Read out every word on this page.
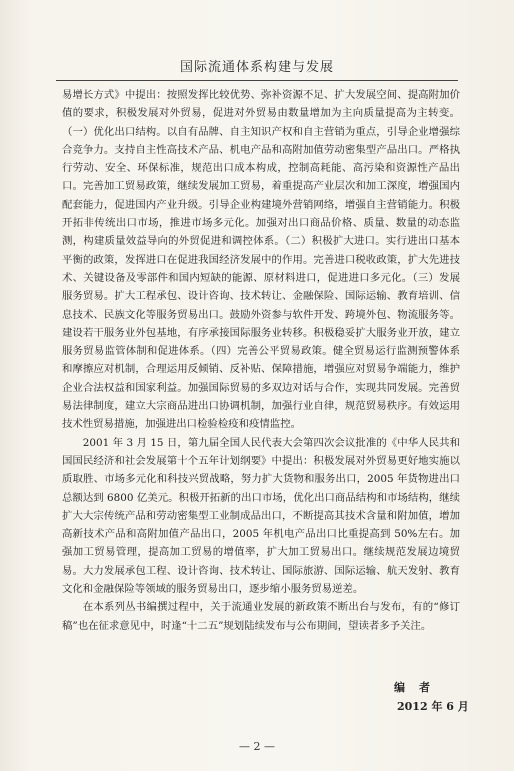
国际流通体系构建与发展

易增长方式》中提出：按照发挥比较优势、弥补资源不足、扩大发展空间、提高附加价值的要求，积极发展对外贸易，促进对外贸易由数量增加为主向质量提高为主转变。（一）优化出口结构。以自有品牌、自主知识产权和自主营销为重点，引导企业增强综合竞争力。支持自主性高技术产品、机电产品和高附加值劳动密集型产品出口。严格执行劳动、安全、环保标准，规范出口成本构成，控制高耗能、高污染和资源性产品出口。完善加工贸易政策，继续发展加工贸易，着重提高产业层次和加工深度，增强国内配套能力，促进国内产业升级。引导企业构建境外营销网络，增强自主营销能力。积极开拓非传统出口市场，推进市场多元化。加强对出口商品价格、质量、数量的动态监测，构建质量效益导向的外贸促进和调控体系。（二）积极扩大进口。实行进出口基本平衡的政策，发挥进口在促进我国经济发展中的作用。完善进口税收政策，扩大先进技术、关键设备及零部件和国内短缺的能源、原材料进口，促进进口多元化。（三）发展服务贸易。扩大工程承包、设计咨询、技术转让、金融保险、国际运输、教育培训、信息技术、民族文化等服务贸易出口。鼓励外资参与软件开发、跨境外包、物流服务等。建设若干服务业外包基地，有序承接国际服务业转移。积极稳妥扩大服务业开放，建立服务贸易监管体制和促进体系。（四）完善公平贸易政策。健全贸易运行监测预警体系和摩擦应对机制，合理运用反倾销、反补贴、保障措施，增强应对贸易争端能力，维护企业合法权益和国家利益。加强国际贸易的多双边对话与合作，实现共同发展。完善贸易法律制度，建立大宗商品进出口协调机制，加强行业自律，规范贸易秩序。有效运用技术性贸易措施，加强进出口检验检疫和疫情监控。

2001 年 3 月 15 日，第九届全国人民代表大会第四次会议批准的《中华人民共和国国民经济和社会发展第十个五年计划纲要》中提出：积极发展对外贸易更好地实施以质取胜、市场多元化和科技兴贸战略，努力扩大货物和服务出口，2005 年货物进出口总额达到 6800 亿美元。积极开拓新的出口市场，优化出口商品结构和市场结构，继续扩大大宗传统产品和劳动密集型工业制成品出口，不断提高其技术含量和附加值，增加高新技术产品和高附加值产品出口，2005 年机电产品出口比重提高到 50%左右。加强加工贸易管理，提高加工贸易的增值率，扩大加工贸易出口。继续规范发展边境贸易。大力发展承包工程、设计咨询、技术转让、国际旅游、国际运输、航天发射、教育文化和金融保险等领域的服务贸易出口，逐步缩小服务贸易逆差。

在本系列丛书编撰过程中，关于流通业发展的新政策不断出台与发布，有的“修订稿”也在征求意见中，时逢“十二五”规划陆续发布与公布期间，望读者多予关注。

编者
2012 年 6 月
— 2 —
